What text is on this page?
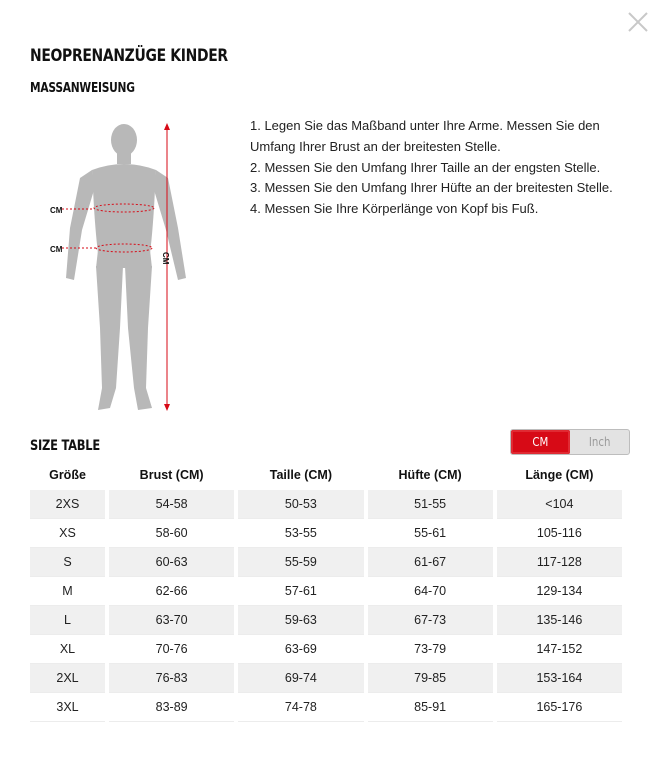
NEOPRENANZÜGE KINDER
MASSANWEISUNG
CM
CM
CM

1. Legen Sie das Maßband unter Ihre Arme. Messen Sie den Umfang Ihrer Brust an der breitesten Stelle.

2. Messen Sie den Umfang Ihrer Taille an der engsten Stelle.

3. Messen Sie den Umfang Ihrer Hüfte an der breitesten Stelle.

4. Messen Sie Ihre Körperlänge von Kopf bis Fuß.

SIZE TABLE	CM	Inch
Größe	Brust (CM)	Taille (CM)	Hüfte (CM)	Länge (CM)
2XS	54-58	50-53	51-55	<104
XS	58-60	53-55	55-61	105-116
S	60-63	55-59	61-67	117-128
M	62-66	57-61	64-70	129-134
L	63-70	59-63	67-73	135-146
XL	70-76	63-69	73-79	147-152
2XL	76-83	69-74	79-85	153-164
3XL	83-89	74-78	85-91	165-176
